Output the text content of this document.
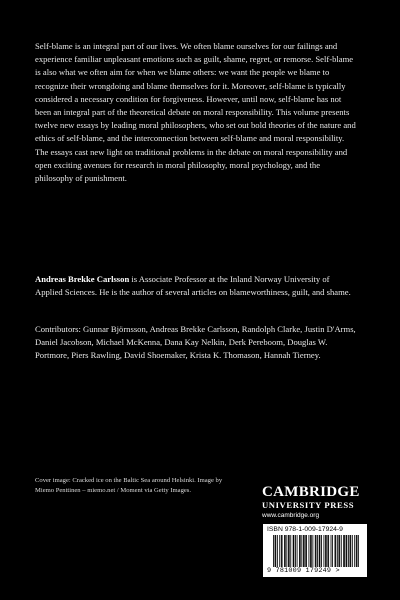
Self-blame is an integral part of our lives. We often blame ourselves for our failings and experience familiar unpleasant emotions such as guilt, shame, regret, or remorse. Self-blame is also what we often aim for when we blame others: we want the people we blame to recognize their wrongdoing and blame themselves for it. Moreover, self-blame is typically considered a necessary condition for forgiveness. However, until now, self-blame has not been an integral part of the theoretical debate on moral responsibility. This volume presents twelve new essays by leading moral philosophers, who set out bold theories of the nature and ethics of self-blame, and the interconnection between self-blame and moral responsibility. The essays cast new light on traditional problems in the debate on moral responsibility and open exciting avenues for research in moral philosophy, moral psychology, and the philosophy of punishment.

Andreas Brekke Carlsson is Associate Professor at the Inland Norway University of Applied Sciences. He is the author of several articles on blameworthiness, guilt, and shame.

Contributors: Gunnar Björnsson, Andreas Brekke Carlsson, Randolph Clarke, Justin D'Arms, Daniel Jacobson, Michael McKenna, Dana Kay Nelkin, Derk Pereboom, Douglas W. Portmore, Piers Rawling, David Shoemaker, Krista K. Thomason, Hannah Tierney.

Cover image: Cracked ice on the Baltic Sea around Helsinki. Image by Miemo Penttinen – miemo.net / Moment via Getty Images.	CAMBRIDGE
UNIVERSITY PRESS
www.cambridge.org
ISBN 978-1-009-17924-9
9 781009 179249 >
